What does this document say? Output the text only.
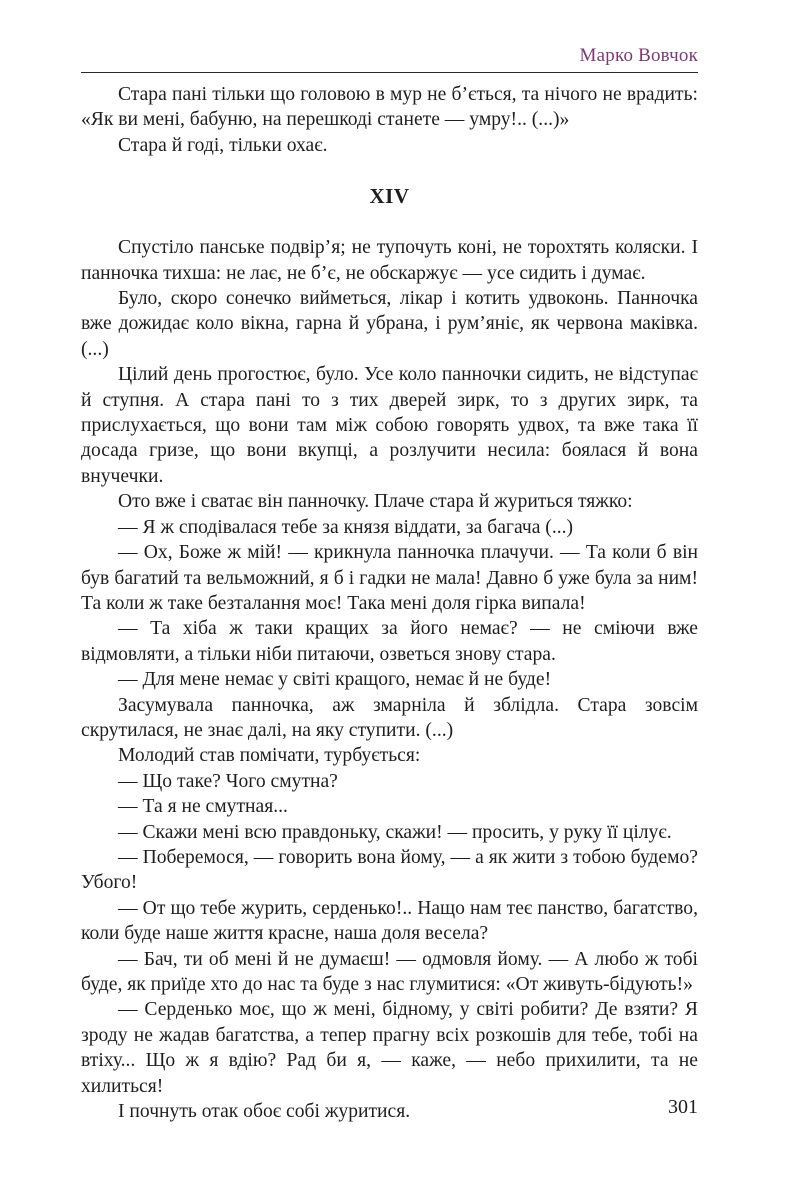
Марко Вовчок

Стара пані тільки що головою в мур не б’ється, та нічого не врадить: «Як ви мені, бабуню, на перешкоді станете — умру!.. (...)»

Стара й годі, тільки охає.

XIV

Спустіло панське подвір’я; не тупочуть коні, не торохтять коляски. І панночка тихша: не лає, не б’є, не обскаржує — усе сидить і думає.

Було, скоро сонечко вийметься, лікар і котить удвоконь. Панночка вже дожидає коло вікна, гарна й убрана, і рум’яніє, як червона маківка. (...)

Цілий день прогостює, було. Усе коло панночки сидить, не відступає й ступня. А стара пані то з тих дверей зирк, то з других зирк, та прислухається, що вони там між собою говорять удвох, та вже така її досада гризе, що вони вкупці, а розлучити несила: боялася й вона внучечки.

Ото вже і сватає він панночку. Плаче стара й журиться тяжко:

— Я ж сподівалася тебе за князя віддати, за багача (...)

— Ох, Боже ж мій! — крикнула панночка плачучи. — Та коли б він був багатий та вельможний, я б і гадки не мала! Давно б уже була за ним! Та коли ж таке безталання моє! Така мені доля гірка випала!

— Та хіба ж таки кращих за його немає? — не сміючи вже відмовляти, а тільки ніби питаючи, озветься знову стара.

— Для мене немає у світі кращого, немає й не буде!

Засумувала панночка, аж змарніла й зблідла. Стара зовсім скрутилася, не знає далі, на яку ступити. (...)

Молодий став помічати, турбується:

— Що таке? Чого смутна?

— Та я не смутная...

— Скажи мені всю правдоньку, скажи! — просить, у руку її цілує.

— Поберемося, — говорить вона йому, — а як жити з тобою будемо? Убого!

— От що тебе журить, серденько!.. Нащо нам теє панство, багатство, коли буде наше життя красне, наша доля весела?

— Бач, ти об мені й не думаєш! — одмовля йому. — А любо ж тобі буде, як приїде хто до нас та буде з нас глумитися: «От живуть-бідують!»

— Серденько моє, що ж мені, бідному, у світі робити? Де взяти? Я зроду не жадав багатства, а тепер прагну всіх розкошів для тебе, тобі на втіху... Що ж я вдію? Рад би я, — каже, — небо прихилити, та не хилиться!

І почнуть отак обоє собі журитися.	301
